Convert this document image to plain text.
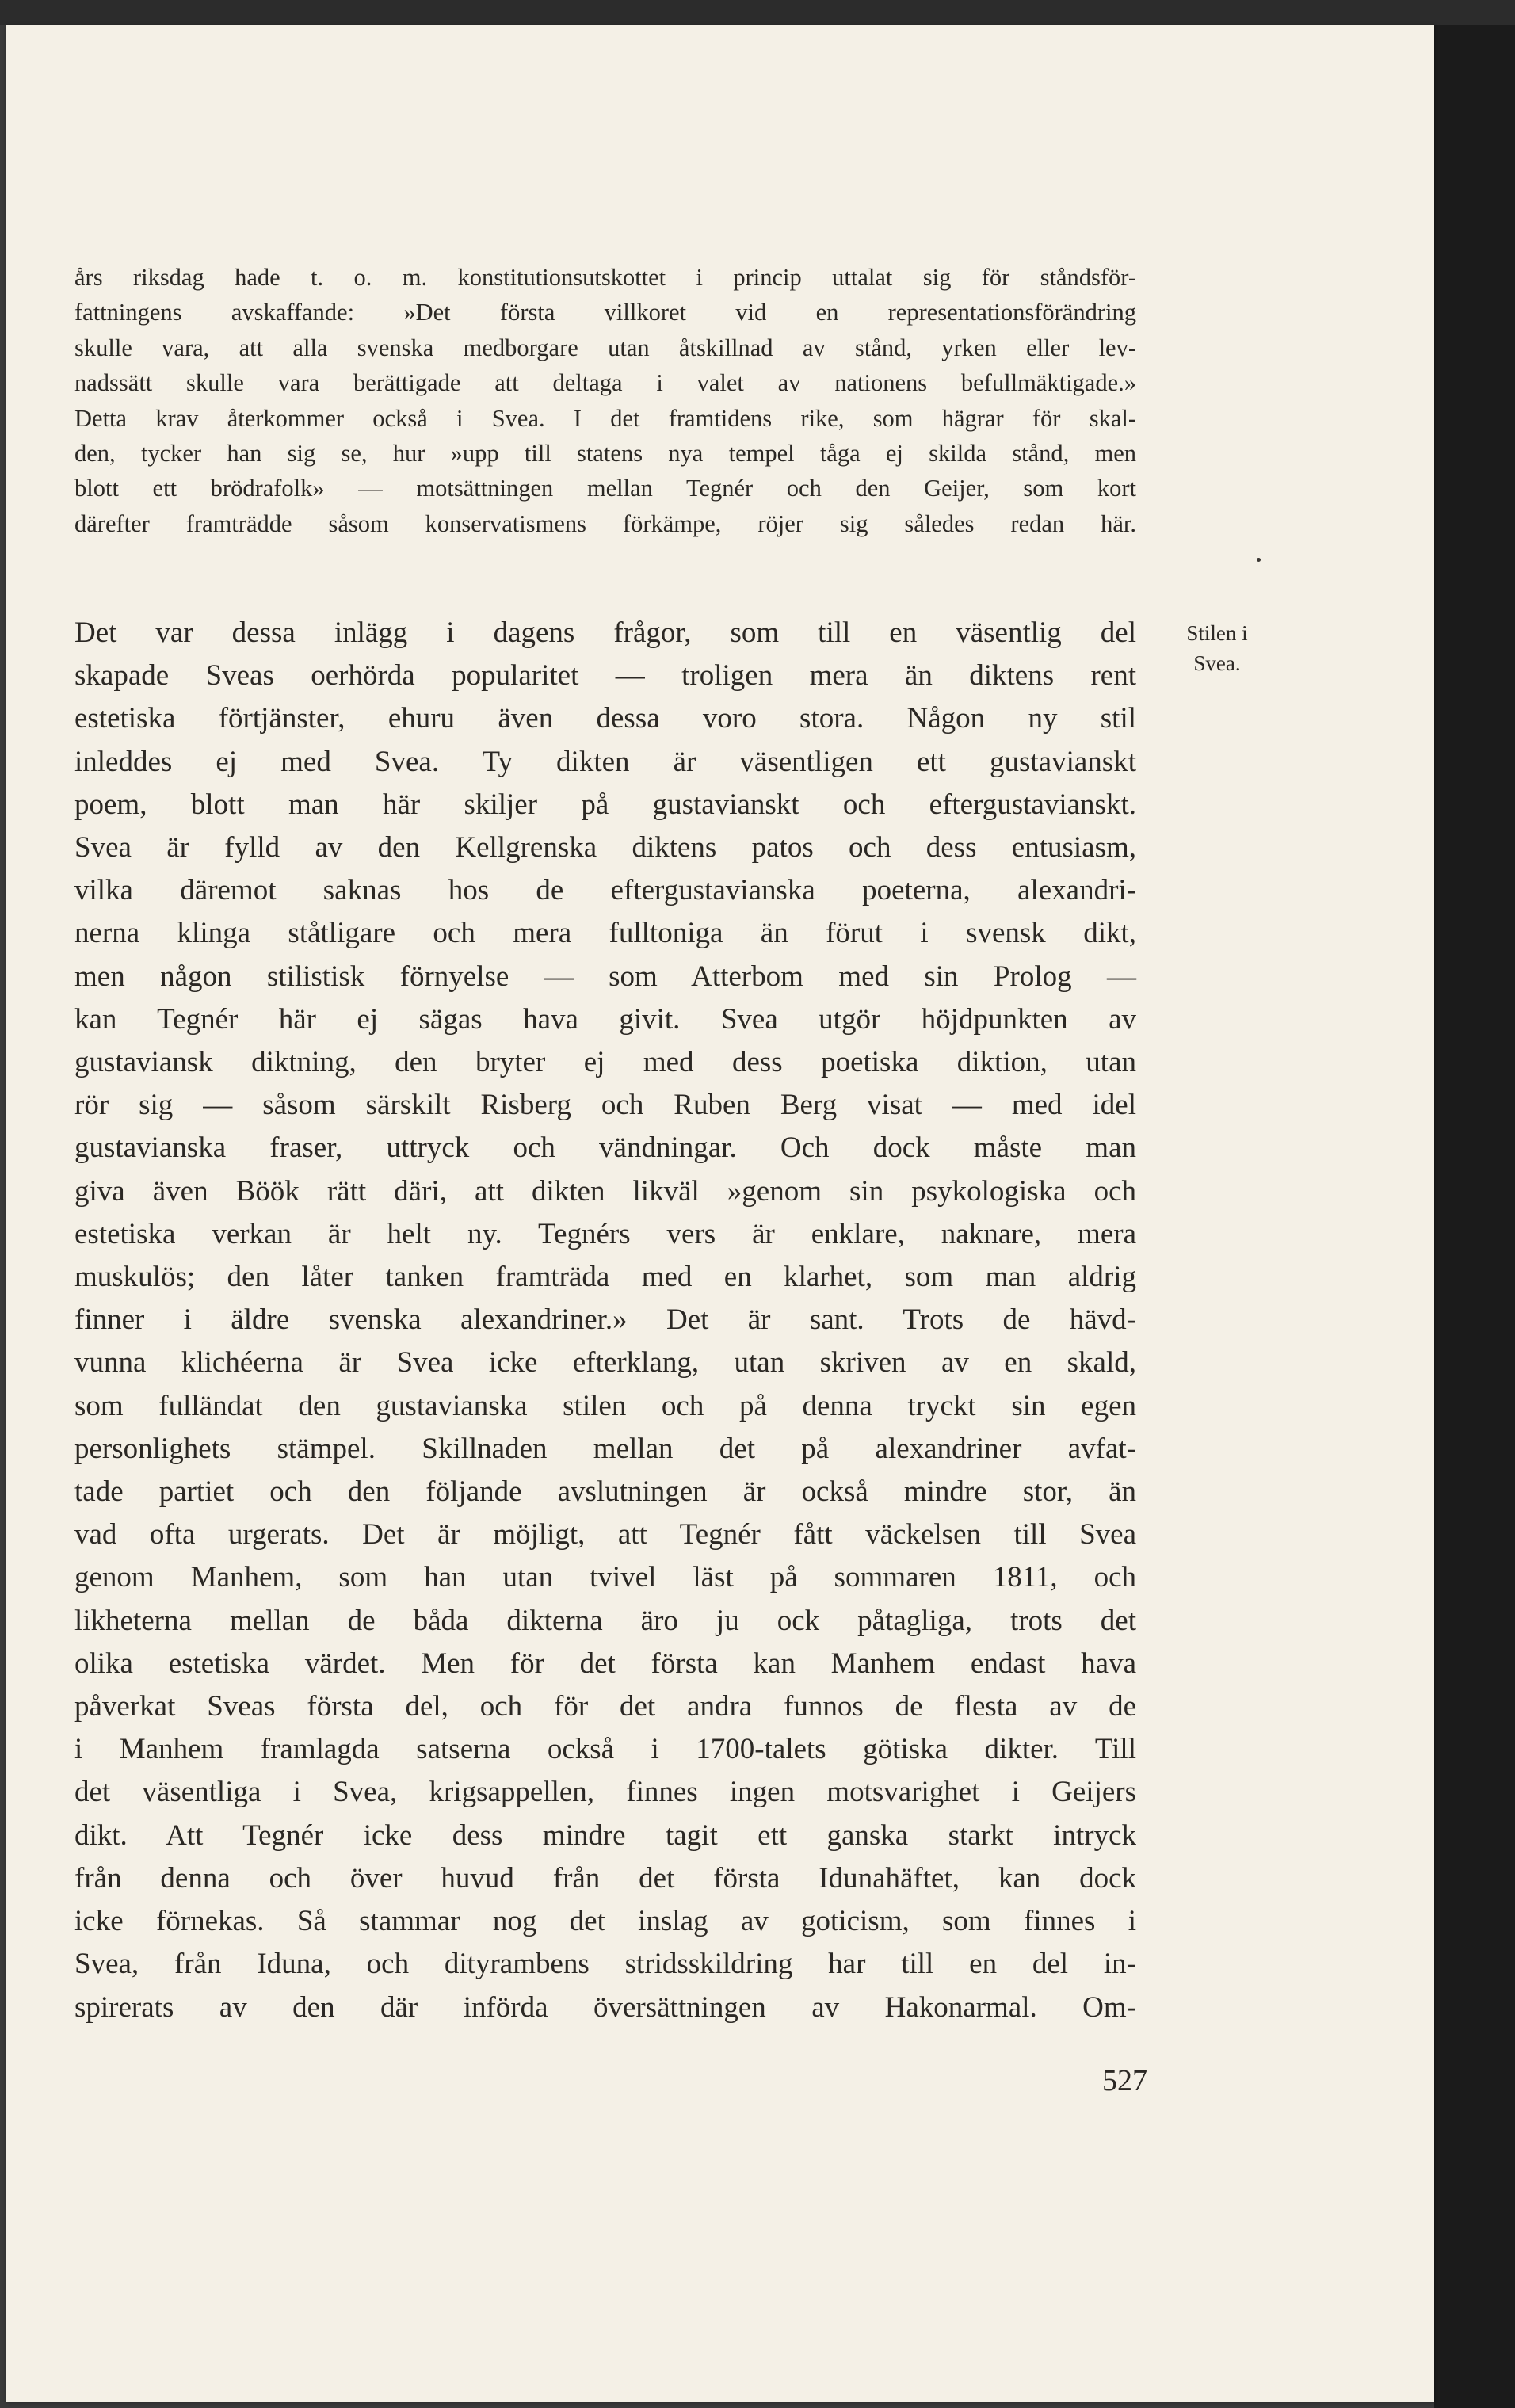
års riksdag hade t. o. m. konstitutionsutskottet i princip uttalat sig för ståndsför-
fattningens avskaffande: »Det första villkoret vid en representationsförändring
skulle vara, att alla svenska medborgare utan åtskillnad av stånd, yrken eller lev-
nadssätt skulle vara berättigade att deltaga i valet av nationens befullmäktigade.»
Detta krav återkommer också i Svea. I det framtidens rike, som hägrar för skal-
den, tycker han sig se, hur »upp till statens nya tempel tåga ej skilda stånd, men
blott ett brödrafolk» — motsättningen mellan Tegnér och den Geijer, som kort
därefter framträdde såsom konservatismens förkämpe, röjer sig således redan här.
Det var dessa inlägg i dagens frågor, som till en väsentlig del
skapade Sveas oerhörda popularitet — troligen mera än diktens rent
estetiska förtjänster, ehuru även dessa voro stora. Någon ny stil
inleddes ej med Svea. Ty dikten är väsentligen ett gustavianskt
poem, blott man här skiljer på gustavianskt och eftergustavianskt.
Svea är fylld av den Kellgrenska diktens patos och dess entusiasm,
vilka däremot saknas hos de eftergustavianska poeterna, alexandri-
nerna klinga ståtligare och mera fulltoniga än förut i svensk dikt,
men någon stilistisk förnyelse — som Atterbom med sin Prolog —
kan Tegnér här ej sägas hava givit. Svea utgör höjdpunkten av
gustaviansk diktning, den bryter ej med dess poetiska diktion, utan
rör sig — såsom särskilt Risberg och Ruben Berg visat — med idel
gustavianska fraser, uttryck och vändningar. Och dock måste man
giva även Böök rätt däri, att dikten likväl »genom sin psykologiska och
estetiska verkan är helt ny. Tegnérs vers är enklare, naknare, mera
muskulös; den låter tanken framträda med en klarhet, som man aldrig
finner i äldre svenska alexandriner.» Det är sant. Trots de hävd-
vunna klichéerna är Svea icke efterklang, utan skriven av en skald,
som fulländat den gustavianska stilen och på denna tryckt sin egen
personlighets stämpel. Skillnaden mellan det på alexandriner avfat-
tade partiet och den följande avslutningen är också mindre stor, än
vad ofta urgerats. Det är möjligt, att Tegnér fått väckelsen till Svea
genom Manhem, som han utan tvivel läst på sommaren 1811, och
likheterna mellan de båda dikterna äro ju ock påtagliga, trots det
olika estetiska värdet. Men för det första kan Manhem endast hava
påverkat Sveas första del, och för det andra funnos de flesta av de
i Manhem framlagda satserna också i 1700-talets götiska dikter. Till
det väsentliga i Svea, krigsappellen, finnes ingen motsvarighet i Geijers
dikt. Att Tegnér icke dess mindre tagit ett ganska starkt intryck
från denna och över huvud från det första Idunahäftet, kan dock
icke förnekas. Så stammar nog det inslag av goticism, som finnes i
Svea, från Iduna, och dityrambens stridsskildring har till en del in-
spirerats av den där införda översättningen av Hakonarmal. Om-
Stilen i
Svea.
527
